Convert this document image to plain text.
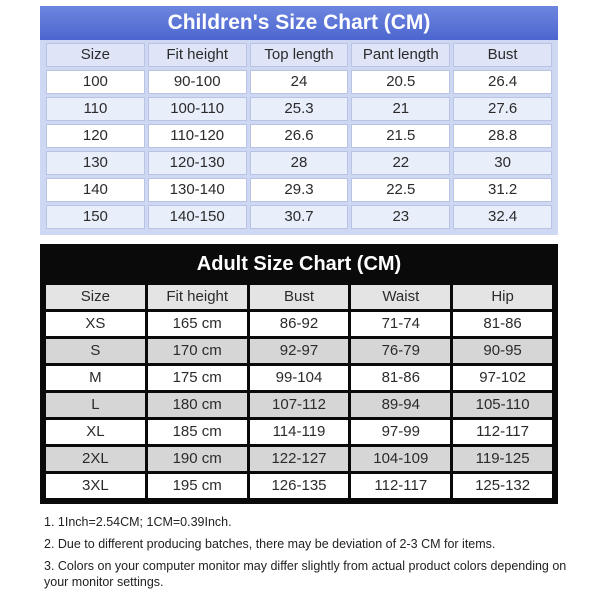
Children's Size Chart (CM)
Size	Fit height	Top length	Pant length	Bust
100	90-100	24	20.5	26.4
110	100-110	25.3	21	27.6
120	110-120	26.6	21.5	28.8
130	120-130	28	22	30
140	130-140	29.3	22.5	31.2
150	140-150	30.7	23	32.4
Adult Size Chart (CM)
Size	Fit height	Bust	Waist	Hip
XS	165 cm	86-92	71-74	81-86
S	170 cm	92-97	76-79	90-95
M	175 cm	99-104	81-86	97-102
L	180 cm	107-112	89-94	105-110
XL	185 cm	114-119	97-99	112-117
2XL	190 cm	122-127	104-109	119-125
3XL	195 cm	126-135	112-117	125-132
1. 1Inch=2.54CM; 1CM=0.39Inch.
2. Due to different producing batches, there may be deviation of 2-3 CM for items.
3. Colors on your computer monitor may differ slightly from actual product colors depending on your monitor settings.
